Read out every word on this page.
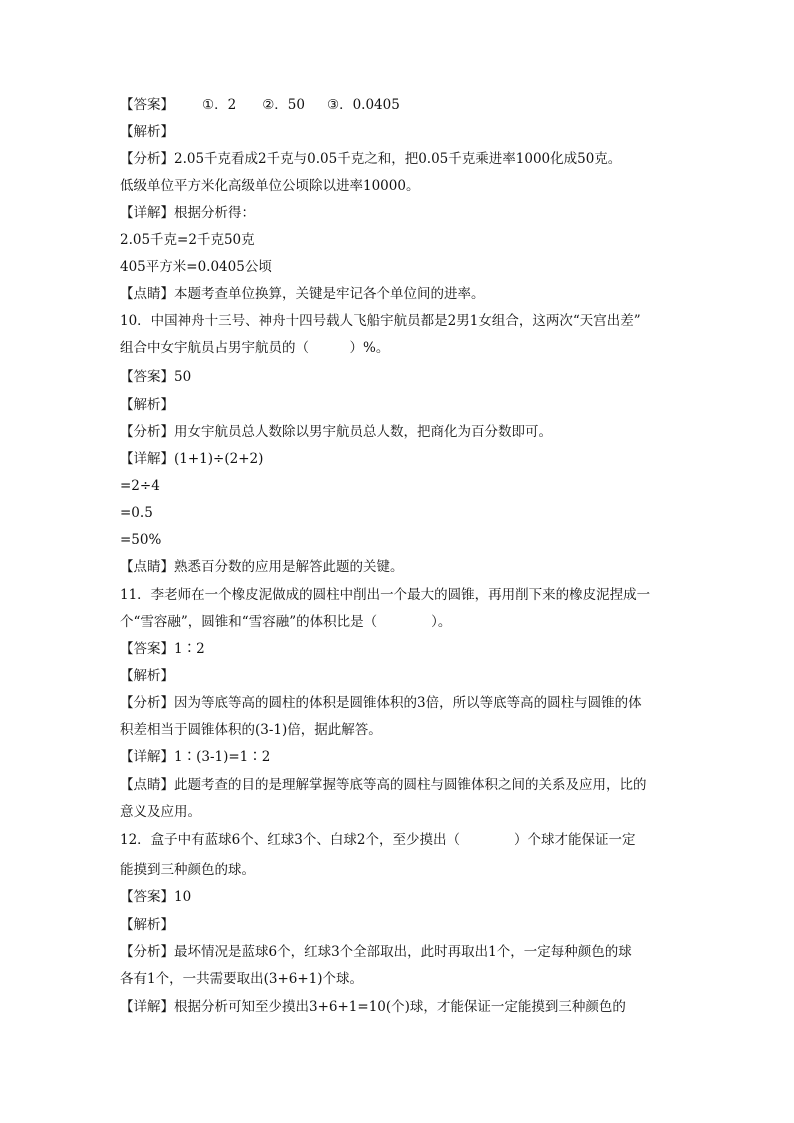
【答案】 ①．2 ②．50 ③．0.0405
【解析】
【分析】2.05千克看成2千克与0.05千克之和，把0.05千克乘进率1000化成50克。
低级单位平方米化高级单位公顷除以进率10000。
【详解】根据分析得：
2.05千克=2千克50克
405平方米=0.0405公顷
【点睛】本题考查单位换算，关键是牢记各个单位间的进率。
10．中国神舟十三号、神舟十四号载人飞船宇航员都是2男1女组合，这两次“天宫出差”
组合中女宇航员占男宇航员的（　　　）%。
【答案】50
【解析】
【分析】用女宇航员总人数除以男宇航员总人数，把商化为百分数即可。
【详解】(1+1)÷(2+2)
=2÷4
=0.5
=50%
【点睛】熟悉百分数的应用是解答此题的关键。
11．李老师在一个橡皮泥做成的圆柱中削出一个最大的圆锥，再用削下来的橡皮泥捏成一
个“雪容融”，圆锥和“雪容融”的体积比是（　　　　）。
【答案】1∶2
【解析】
【分析】因为等底等高的圆柱的体积是圆锥体积的3倍，所以等底等高的圆柱与圆锥的体
积差相当于圆锥体积的(3-1)倍，据此解答。
【详解】1∶(3-1)=1∶2
【点睛】此题考查的目的是理解掌握等底等高的圆柱与圆锥体积之间的关系及应用，比的
意义及应用。
12．盒子中有蓝球6个、红球3个、白球2个，至少摸出（　　　　）个球才能保证一定
能摸到三种颜色的球。
【答案】10
【解析】
【分析】最坏情况是蓝球6个，红球3个全部取出，此时再取出1个，一定每种颜色的球
各有1个，一共需要取出(3+6+1)个球。
【详解】根据分析可知至少摸出3+6+1=10(个)球，才能保证一定能摸到三种颜色的
